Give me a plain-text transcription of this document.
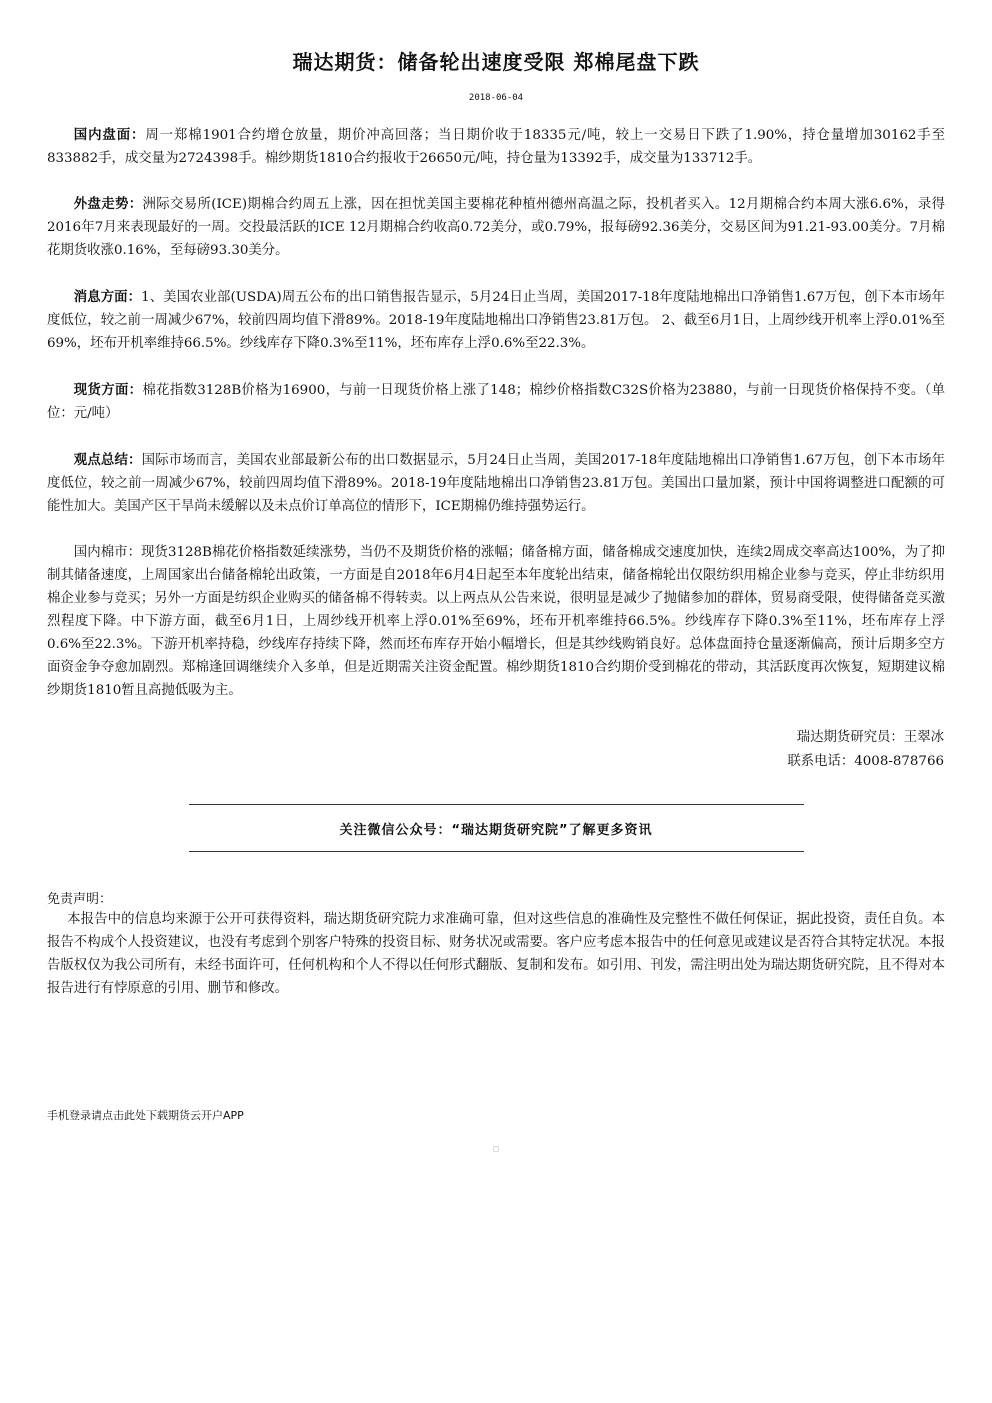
瑞达期货：储备轮出速度受限 郑棉尾盘下跌
2018-06-04

国内盘面：周一郑棉1901合约增仓放量，期价冲高回落；当日期价收于18335元/吨，较上一交易日下跌了1.90%，持仓量增加30162手至833882手，成交量为2724398手。棉纱期货1810合约报收于26650元/吨，持仓量为13392手，成交量为133712手。

外盘走势：洲际交易所(ICE)期棉合约周五上涨，因在担忧美国主要棉花种植州德州高温之际，投机者买入。12月期棉合约本周大涨6.6%，录得2016年7月来表现最好的一周。交投最活跃的ICE 12月期棉合约收高0.72美分，或0.79%，报每磅92.36美分，交易区间为91.21-93.00美分。7月棉花期货收涨0.16%，至每磅93.30美分。

消息方面：1、美国农业部(USDA)周五公布的出口销售报告显示，5月24日止当周，美国2017-18年度陆地棉出口净销售1.67万包，创下本市场年度低位，较之前一周减少67%，较前四周均值下滑89%。2018-19年度陆地棉出口净销售23.81万包。 2、截至6月1日，上周纱线开机率上浮0.01%至69%，坯布开机率维持66.5%。纱线库存下降0.3%至11%，坯布库存上浮0.6%至22.3%。

现货方面：棉花指数3128B价格为16900，与前一日现货价格上涨了148；棉纱价格指数C32S价格为23880，与前一日现货价格保持不变。（单位：元/吨）

观点总结：国际市场而言，美国农业部最新公布的出口数据显示，5月24日止当周，美国2017-18年度陆地棉出口净销售1.67万包，创下本市场年度低位，较之前一周减少67%，较前四周均值下滑89%。2018-19年度陆地棉出口净销售23.81万包。美国出口量加紧，预计中国将调整进口配额的可能性加大。美国产区干旱尚未缓解以及未点价订单高位的情形下，ICE期棉仍维持强势运行。

国内棉市：现货3128B棉花价格指数延续涨势，当仍不及期货价格的涨幅；储备棉方面，储备棉成交速度加快，连续2周成交率高达100%，为了抑制其储备速度，上周国家出台储备棉轮出政策，一方面是自2018年6月4日起至本年度轮出结束，储备棉轮出仅限纺织用棉企业参与竞买，停止非纺织用棉企业参与竞买；另外一方面是纺织企业购买的储备棉不得转卖。以上两点从公告来说，很明显是减少了抛储参加的群体，贸易商受限，使得储备竞买激烈程度下降。中下游方面，截至6月1日，上周纱线开机率上浮0.01%至69%，坯布开机率维持66.5%。纱线库存下降0.3%至11%，坯布库存上浮0.6%至22.3%。下游开机率持稳，纱线库存持续下降，然而坯布库存开始小幅增长，但是其纱线购销良好。总体盘面持仓量逐渐偏高，预计后期多空方面资金争夺愈加剧烈。郑棉逢回调继续介入多单，但是近期需关注资金配置。棉纱期货1810合约期价受到棉花的带动，其活跃度再次恢复，短期建议棉纱期货1810暂且高抛低吸为主。

瑞达期货研究员：王翠冰
联系电话：4008-878766
关注微信公众号：“瑞达期货研究院”了解更多资讯
免责声明：

本报告中的信息均来源于公开可获得资料，瑞达期货研究院力求准确可靠，但对这些信息的准确性及完整性不做任何保证，据此投资，责任自负。本报告不构成个人投资建议，也没有考虑到个别客户特殊的投资目标、财务状况或需要。客户应考虑本报告中的任何意见或建议是否符合其特定状况。本报告版权仅为我公司所有，未经书面许可，任何机构和个人不得以任何形式翻版、复制和发布。如引用、刊发，需注明出处为瑞达期货研究院，且不得对本报告进行有悖原意的引用、删节和修改。

手机登录请点击此处下载期货云开户APP
